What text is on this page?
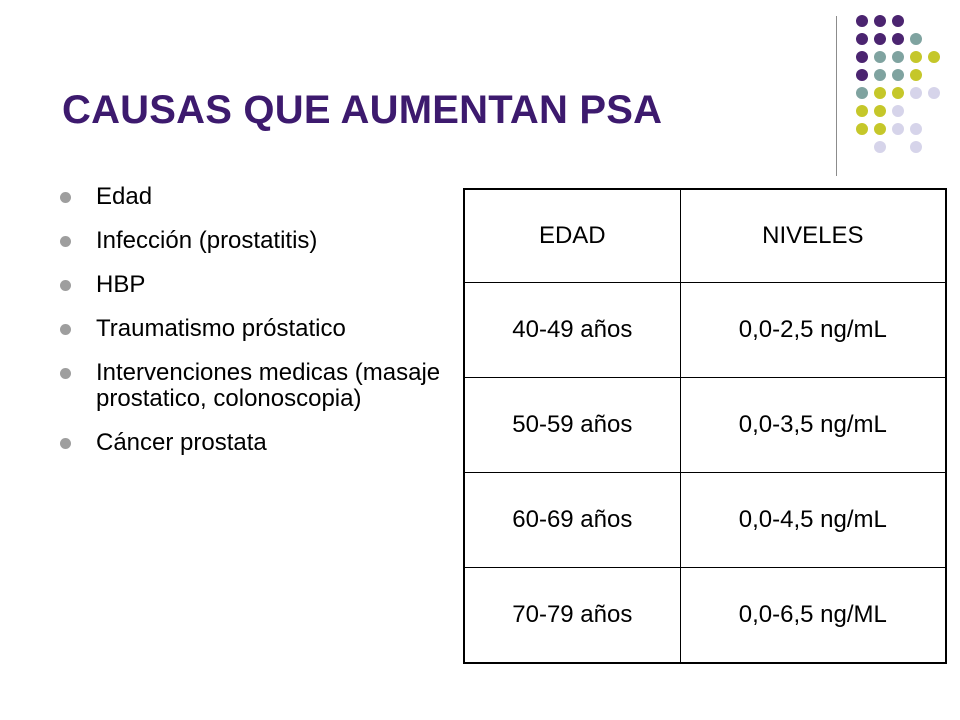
CAUSAS QUE AUMENTAN PSA
Edad
Infección (prostatitis)
HBP
Traumatismo próstatico
Intervenciones medicas (masaje prostatico, colonoscopia)
Cáncer prostata
EDAD	NIVELES
40-49 años	0,0-2,5 ng/mL
50-59 años	0,0-3,5 ng/mL
60-69 años	0,0-4,5 ng/mL
70-79 años	0,0-6,5 ng/ML
